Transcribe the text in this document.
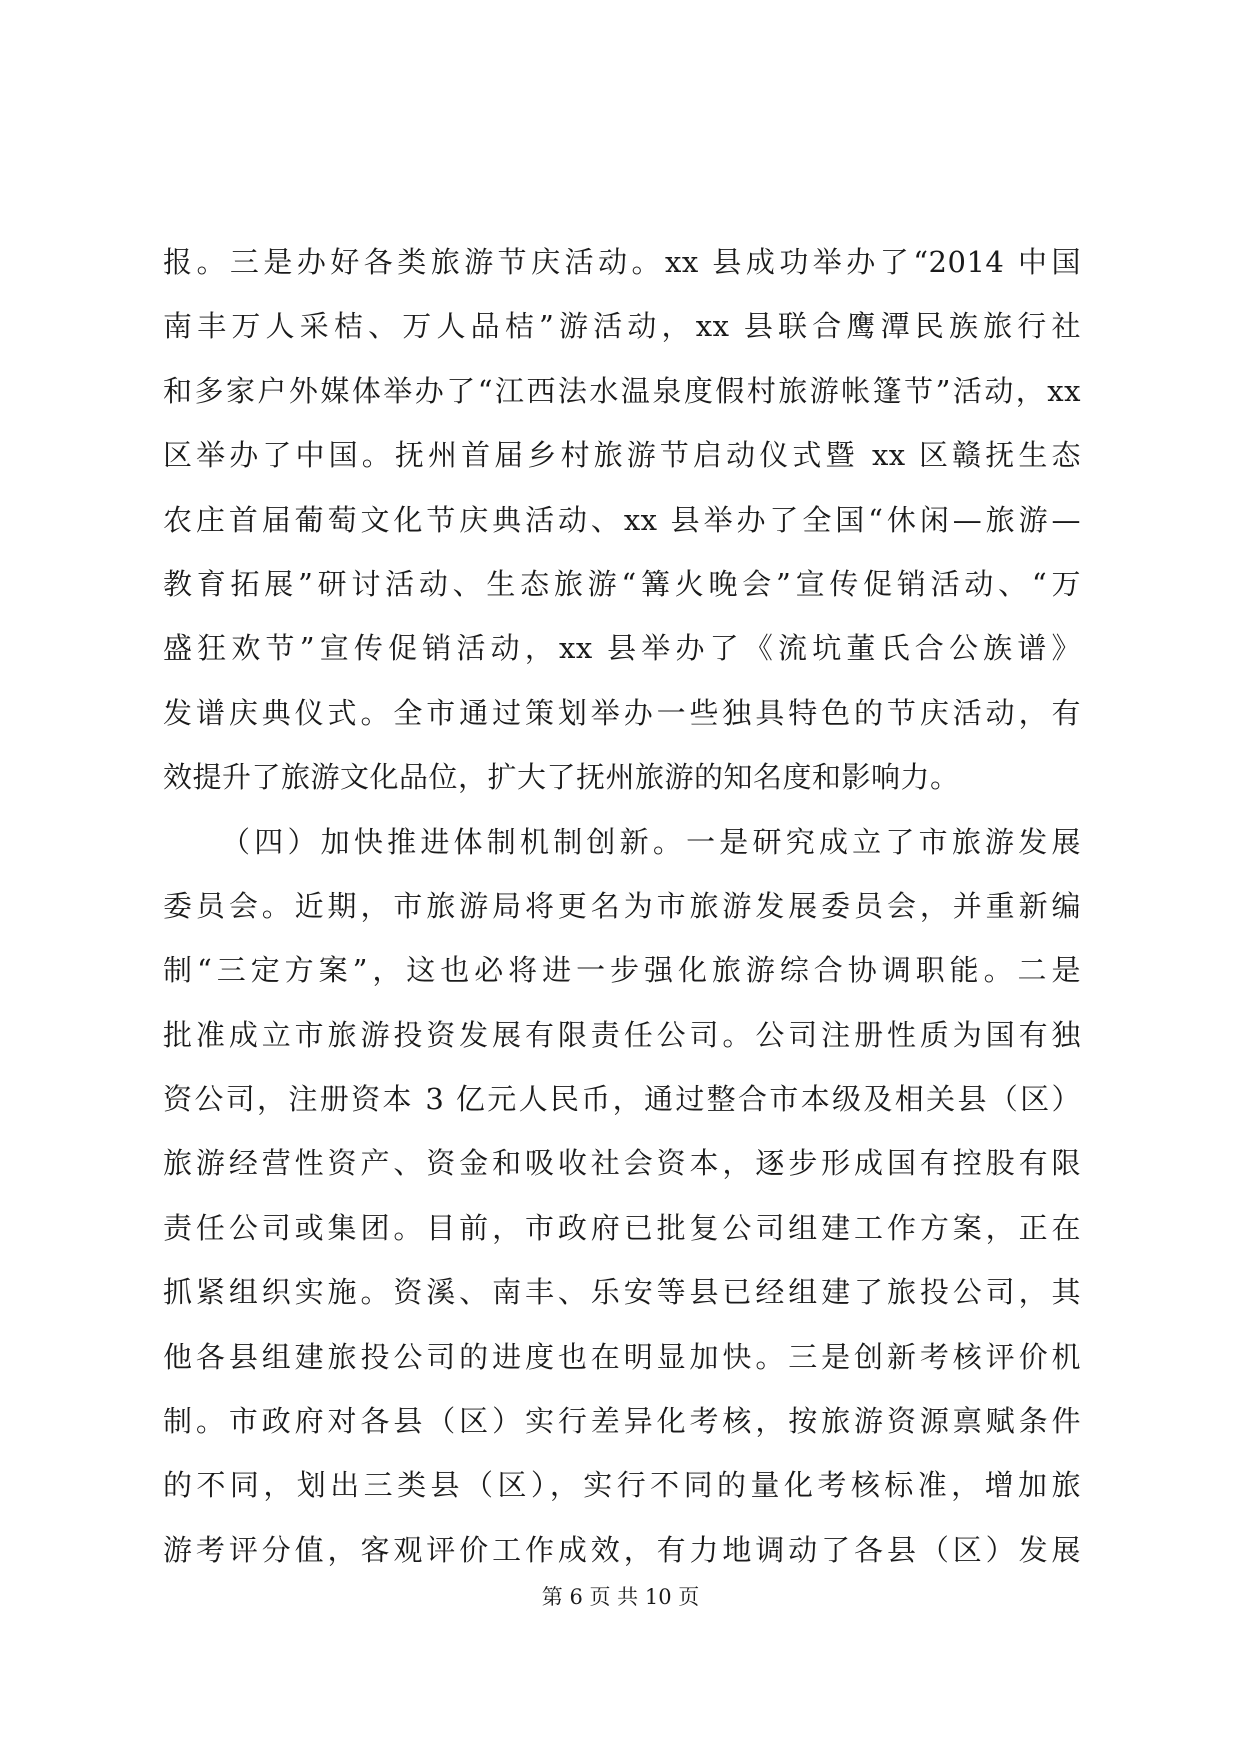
报。三是办好各类旅游节庆活动。xx 县成功举办了“2014 中国
南丰万人采桔、万人品桔”游活动，xx 县联合鹰潭民族旅行社
和多家户外媒体举办了“江西法水温泉度假村旅游帐篷节”活动，xx
区举办了中国。抚州首届乡村旅游节启动仪式暨 xx 区赣抚生态
农庄首届葡萄文化节庆典活动、xx 县举办了全国“休闲—旅游—
教育拓展”研讨活动、生态旅游“篝火晚会”宣传促销活动、“万
盛狂欢节”宣传促销活动，xx 县举办了《流坑董氏合公族谱》
发谱庆典仪式。全市通过策划举办一些独具特色的节庆活动，有
效提升了旅游文化品位，扩大了抚州旅游的知名度和影响力。
（四）加快推进体制机制创新。一是研究成立了市旅游发展
委员会。近期，市旅游局将更名为市旅游发展委员会，并重新编
制“三定方案”，这也必将进一步强化旅游综合协调职能。二是
批准成立市旅游投资发展有限责任公司。公司注册性质为国有独
资公司，注册资本 3 亿元人民币，通过整合市本级及相关县（区）
旅游经营性资产、资金和吸收社会资本，逐步形成国有控股有限
责任公司或集团。目前，市政府已批复公司组建工作方案，正在
抓紧组织实施。资溪、南丰、乐安等县已经组建了旅投公司，其
他各县组建旅投公司的进度也在明显加快。三是创新考核评价机
制。市政府对各县（区）实行差异化考核，按旅游资源禀赋条件
的不同，划出三类县（区），实行不同的量化考核标准，增加旅
游考评分值，客观评价工作成效，有力地调动了各县（区）发展
第 6 页 共 10 页
